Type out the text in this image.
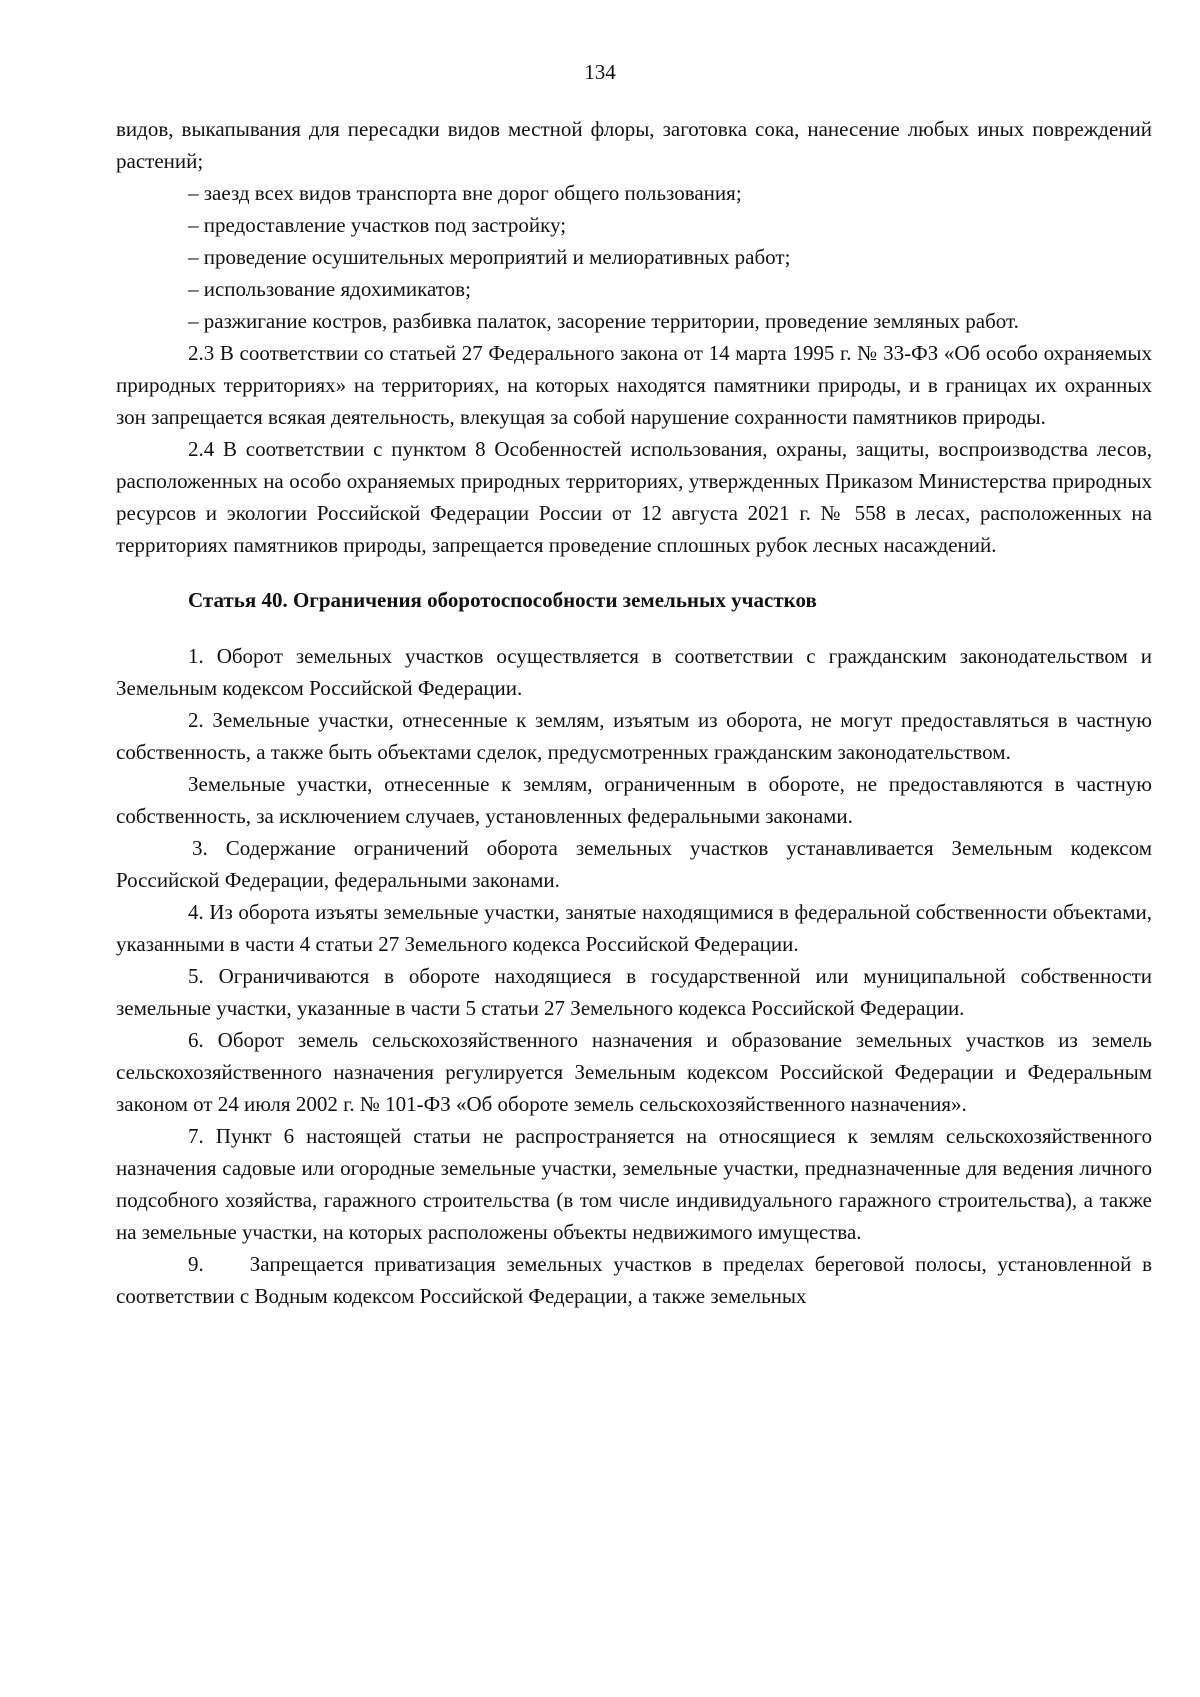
134

видов, выкапывания для пересадки видов местной флоры, заготовка сока, нанесение любых иных повреждений растений;

– заезд всех видов транспорта вне дорог общего пользования;

– предоставление участков под застройку;

– проведение осушительных мероприятий и мелиоративных работ;

– использование ядохимикатов;

– разжигание костров, разбивка палаток, засорение территории, проведение земляных работ.

2.3 В соответствии со статьей 27 Федерального закона от 14 марта 1995 г. № 33-ФЗ «Об особо охраняемых природных территориях» на территориях, на которых находятся памятники природы, и в границах их охранных зон запрещается всякая деятельность, влекущая за собой нарушение сохранности памятников природы.

2.4 В соответствии с пунктом 8 Особенностей использования, охраны, защиты, воспроизводства лесов, расположенных на особо охраняемых природных территориях, утвержденных Приказом Министерства природных ресурсов и экологии Российской Федерации России от 12 августа 2021 г. № 558 в лесах, расположенных на территориях памятников природы, запрещается проведение сплошных рубок лесных насаждений.

Статья 40. Ограничения оборотоспособности земельных участков

1. Оборот земельных участков осуществляется в соответствии с гражданским законодательством и Земельным кодексом Российской Федерации.

2. Земельные участки, отнесенные к землям, изъятым из оборота, не могут предоставляться в частную собственность, а также быть объектами сделок, предусмотренных гражданским законодательством.

Земельные участки, отнесенные к землям, ограниченным в обороте, не предоставляются в частную собственность, за исключением случаев, установленных федеральными законами.

3. Содержание ограничений оборота земельных участков устанавливается Земельным кодексом Российской Федерации, федеральными законами.

4. Из оборота изъяты земельные участки, занятые находящимися в федеральной собственности объектами, указанными в части 4 статьи 27 Земельного кодекса Российской Федерации.

5. Ограничиваются в обороте находящиеся в государственной или муниципальной собственности земельные участки, указанные в части 5 статьи 27 Земельного кодекса Российской Федерации.

6. Оборот земель сельскохозяйственного назначения и образование земельных участков из земель сельскохозяйственного назначения регулируется Земельным кодексом Российской Федерации и Федеральным законом от 24 июля 2002 г. № 101-ФЗ «Об обороте земель сельскохозяйственного назначения».

7. Пункт 6 настоящей статьи не распространяется на относящиеся к землям сельскохозяйственного назначения садовые или огородные земельные участки, земельные участки, предназначенные для ведения личного подсобного хозяйства, гаражного строительства (в том числе индивидуального гаражного строительства), а также на земельные участки, на которых расположены объекты недвижимого имущества.

9. Запрещается приватизация земельных участков в пределах береговой полосы, установленной в соответствии с Водным кодексом Российской Федерации, а также земельных
